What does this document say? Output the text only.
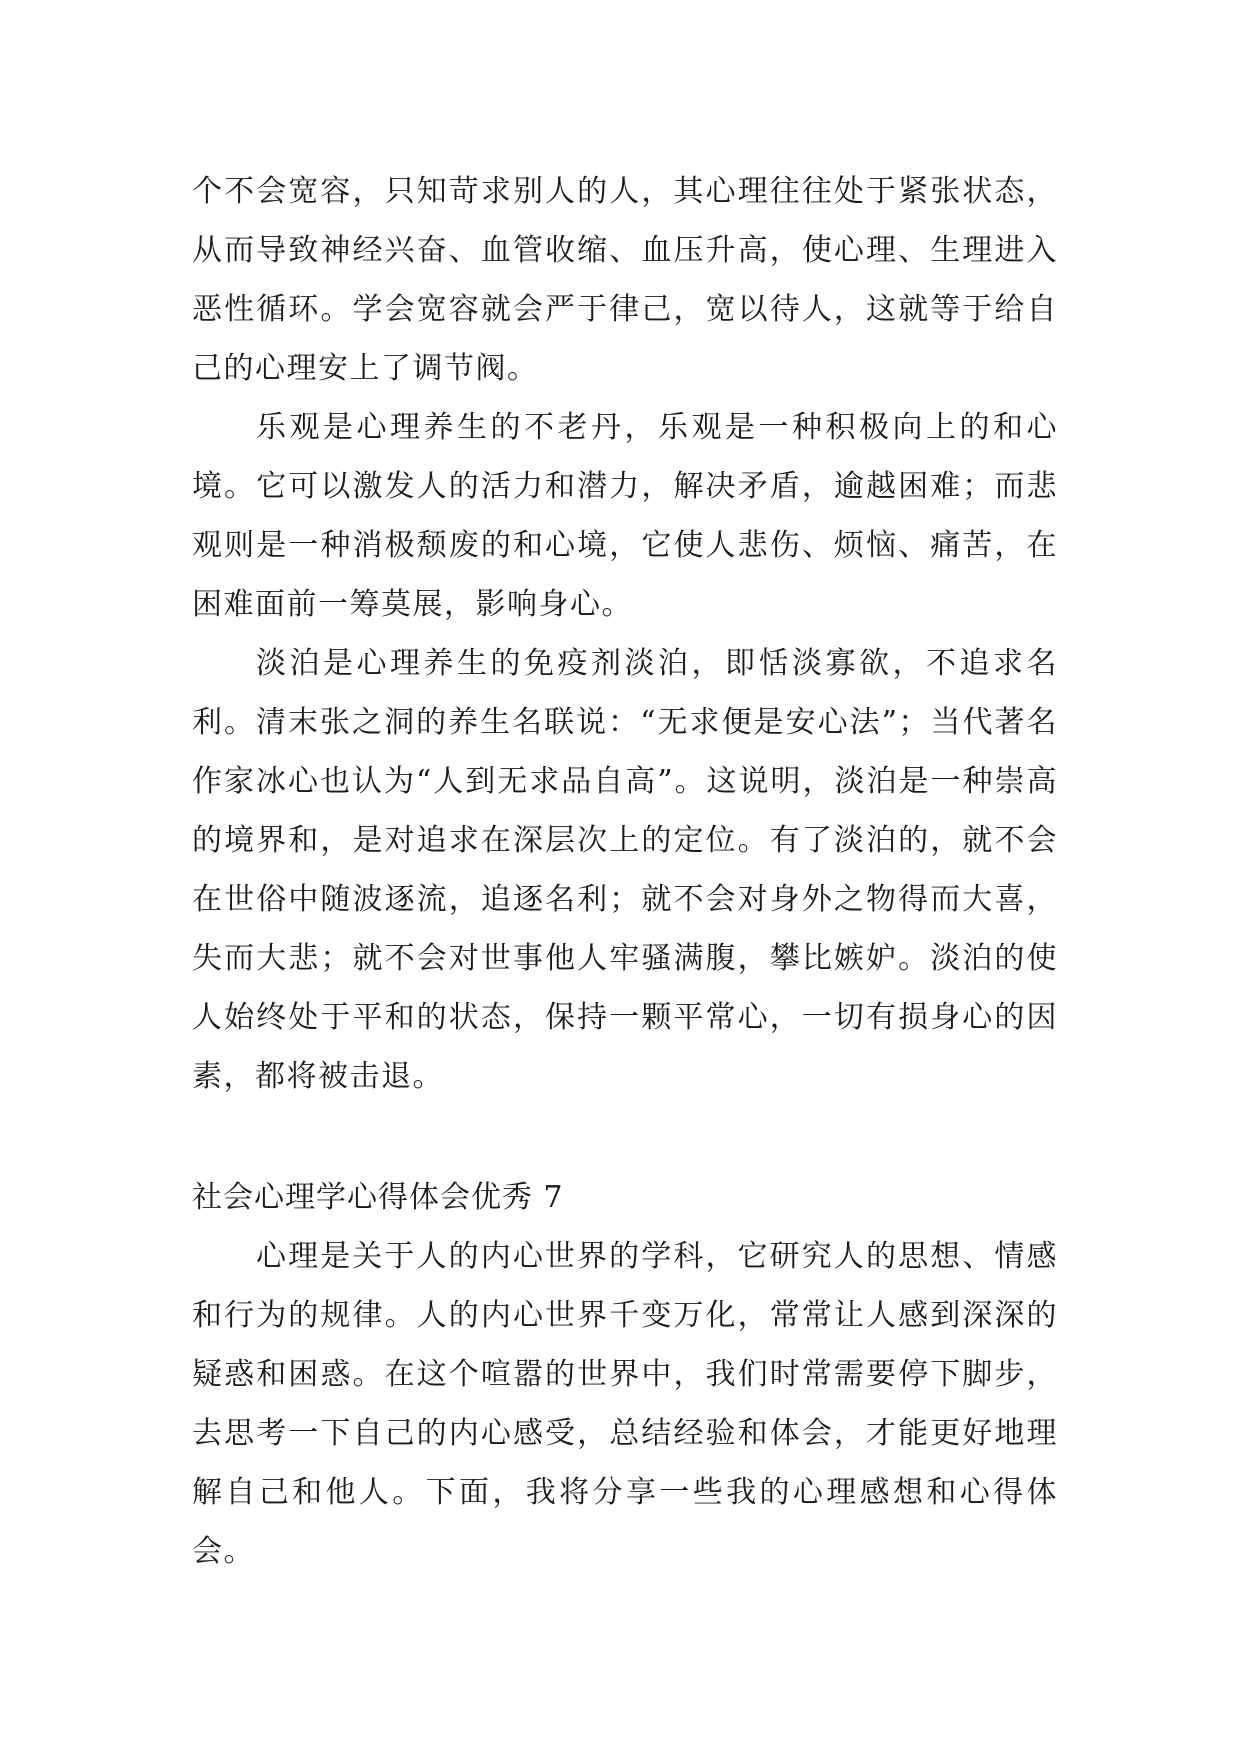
个不会宽容，只知苛求别人的人，其心理往往处于紧张状态，从而导致神经兴奋、血管收缩、血压升高，使心理、生理进入恶性循环。学会宽容就会严于律己，宽以待人，这就等于给自己的心理安上了调节阀。

乐观是心理养生的不老丹，乐观是一种积极向上的和心境。它可以激发人的活力和潜力，解决矛盾，逾越困难；而悲观则是一种消极颓废的和心境，它使人悲伤、烦恼、痛苦，在困难面前一筹莫展，影响身心。

淡泊是心理养生的免疫剂淡泊，即恬淡寡欲，不追求名利。清末张之洞的养生名联说：“无求便是安心法”；当代著名作家冰心也认为“人到无求品自高”。这说明，淡泊是一种崇高的境界和，是对追求在深层次上的定位。有了淡泊的，就不会在世俗中随波逐流，追逐名利；就不会对身外之物得而大喜，失而大悲；就不会对世事他人牢骚满腹，攀比嫉妒。淡泊的使人始终处于平和的状态，保持一颗平常心，一切有损身心的因素，都将被击退。

社会心理学心得体会优秀 7

心理是关于人的内心世界的学科，它研究人的思想、情感和行为的规律。人的内心世界千变万化，常常让人感到深深的疑惑和困惑。在这个喧嚣的世界中，我们时常需要停下脚步，去思考一下自己的内心感受，总结经验和体会，才能更好地理解自己和他人。下面，我将分享一些我的心理感想和心得体会。
